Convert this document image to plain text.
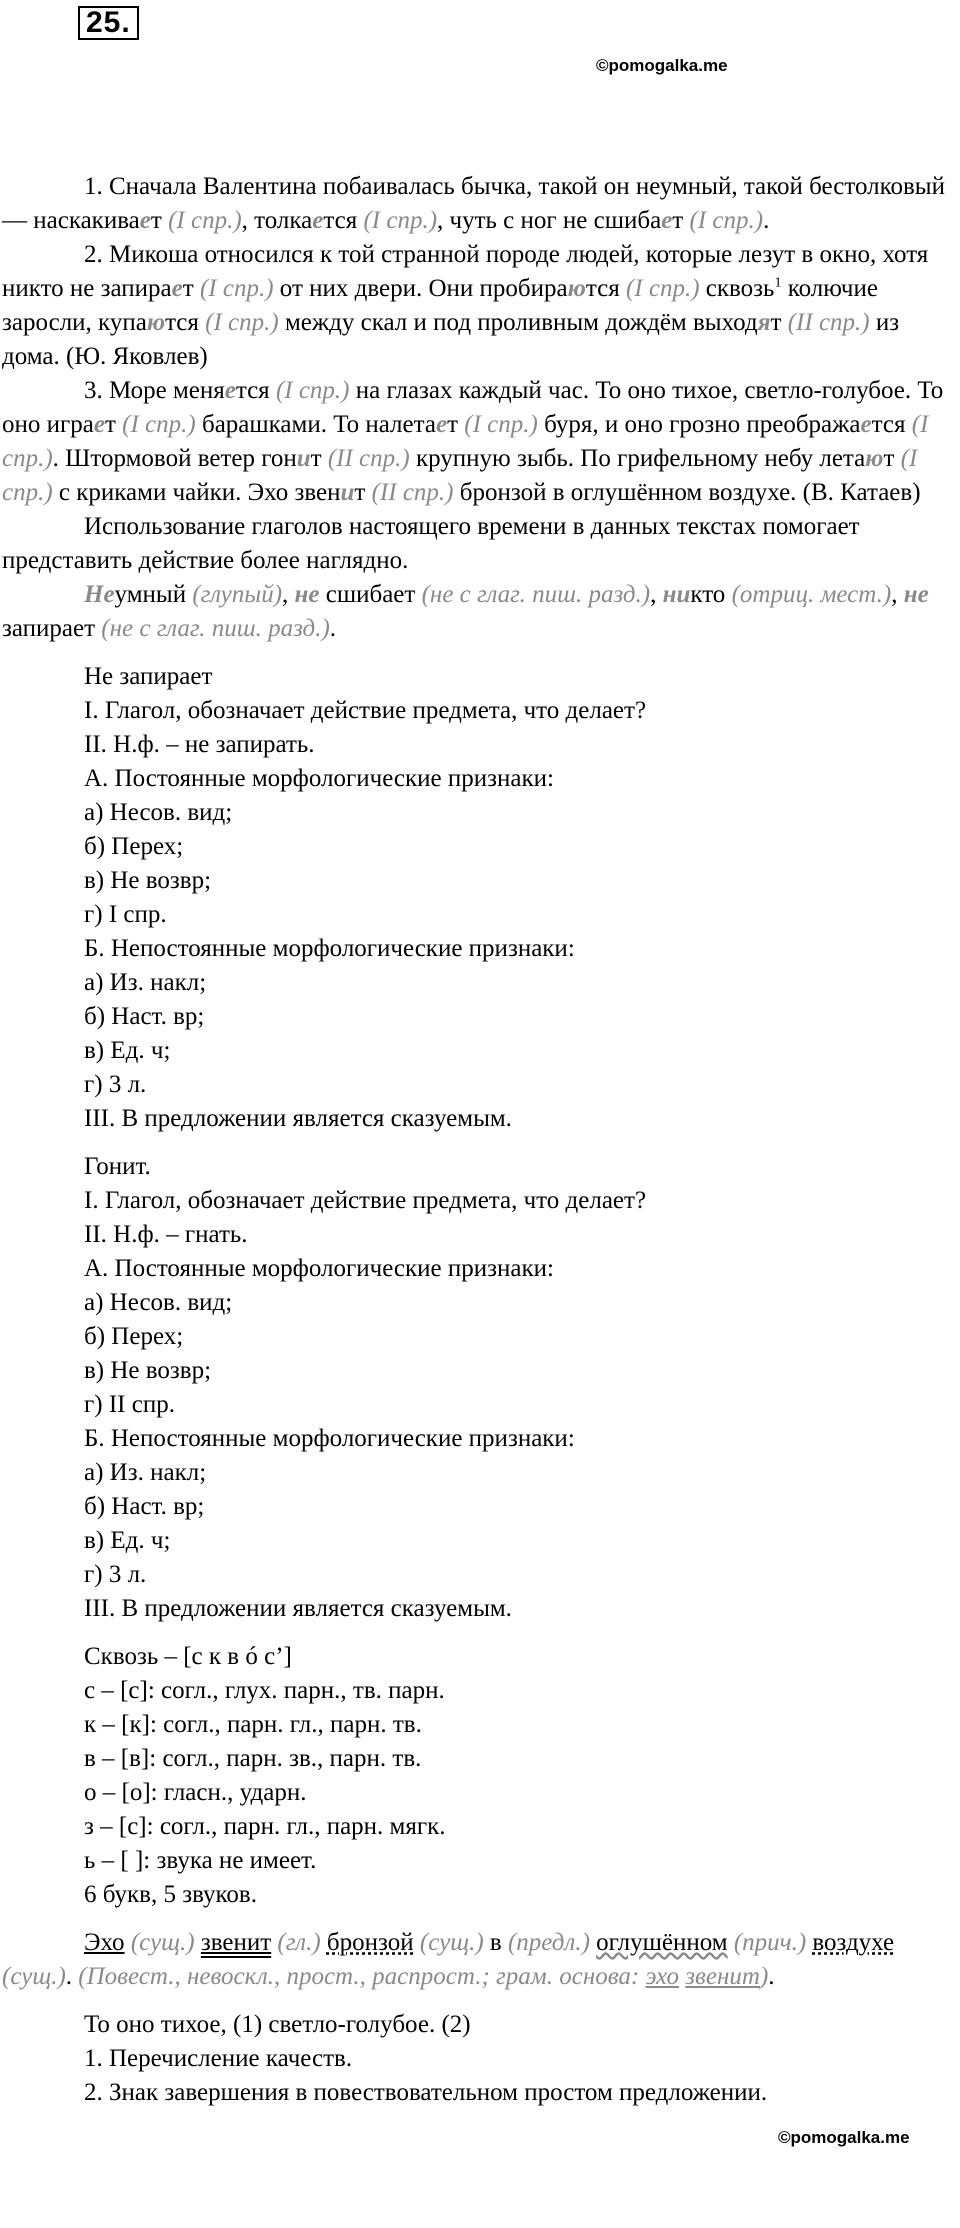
25.
©pomogalka.me
©pomogalka.me

1. Сначала Валентина побаивалась бычка, такой он неумный, такой бестолковый — наскакивает (I спр.), толкается (I спр.), чуть с ног не сшибает (I спр.).

2. Микоша относился к той странной породе людей, которые лезут в окно, хотя никто не запирает (I спр.) от них двери. Они пробираются (I спр.) сквозь$^1$ колючие заросли, купаются (I спр.) между скал и под проливным дождём выходят (II спр.) из дома. (Ю. Яковлев)

3. Море меняется (I спр.) на глазах каждый час. То оно тихое, светло-голубое. То оно играет (I спр.) барашками. То налетает (I спр.) буря, и оно грозно преображается (I спр.). Штормовой ветер гонит (II спр.) крупную зыбь. По грифельному небу летают (I спр.) с криками чайки. Эхо звенит (II спр.) бронзой в оглушённом воздухе. (В. Катаев)

Использование глаголов настоящего времени в данных текстах помогает представить действие более наглядно.

Неумный (глупый), не сшибает (не с глаг. пиш. разд.), никто (отриц. мест.), не запирает (не с глаг. пиш. разд.).

Не запирает

I. Глагол, обозначает действие предмета, что делает?

II. Н.ф. – не запирать.

А. Постоянные морфологические признаки:

а) Несов. вид;

б) Перех;

в) Не возвр;

г) I спр.

Б. Непостоянные морфологические признаки:

а) Из. накл;

б) Наст. вр;

в) Ед. ч;

г) 3 л.

III. В предложении является сказуемым.

Гонит.

I. Глагол, обозначает действие предмета, что делает?

II. Н.ф. – гнать.

А. Постоянные морфологические признаки:

а) Несов. вид;

б) Перех;

в) Не возвр;

г) II спр.

Б. Непостоянные морфологические признаки:

а) Из. накл;

б) Наст. вр;

в) Ед. ч;

г) 3 л.

III. В предложении является сказуемым.

Сквозь – [с к в ó с’]

с – [с]: согл., глух. парн., тв. парн.

к – [к]: согл., парн. гл., парн. тв.

в – [в]: согл., парн. зв., парн. тв.

о – [о]: гласн., ударн.

з – [с]: согл., парн. гл., парн. мягк.

ь – [ ]: звука не имеет.

6 букв, 5 звуков.

Эхо (сущ.) звенит (гл.) бронзой (сущ.) в (предл.) оглушённом (прич.) воздухе (сущ.). (Повест., невоскл., прост., распрост.; грам. основа: эхо звенит).

То оно тихое, (1) светло-голубое. (2)

1. Перечисление качеств.

2. Знак завершения в повествовательном простом предложении.
